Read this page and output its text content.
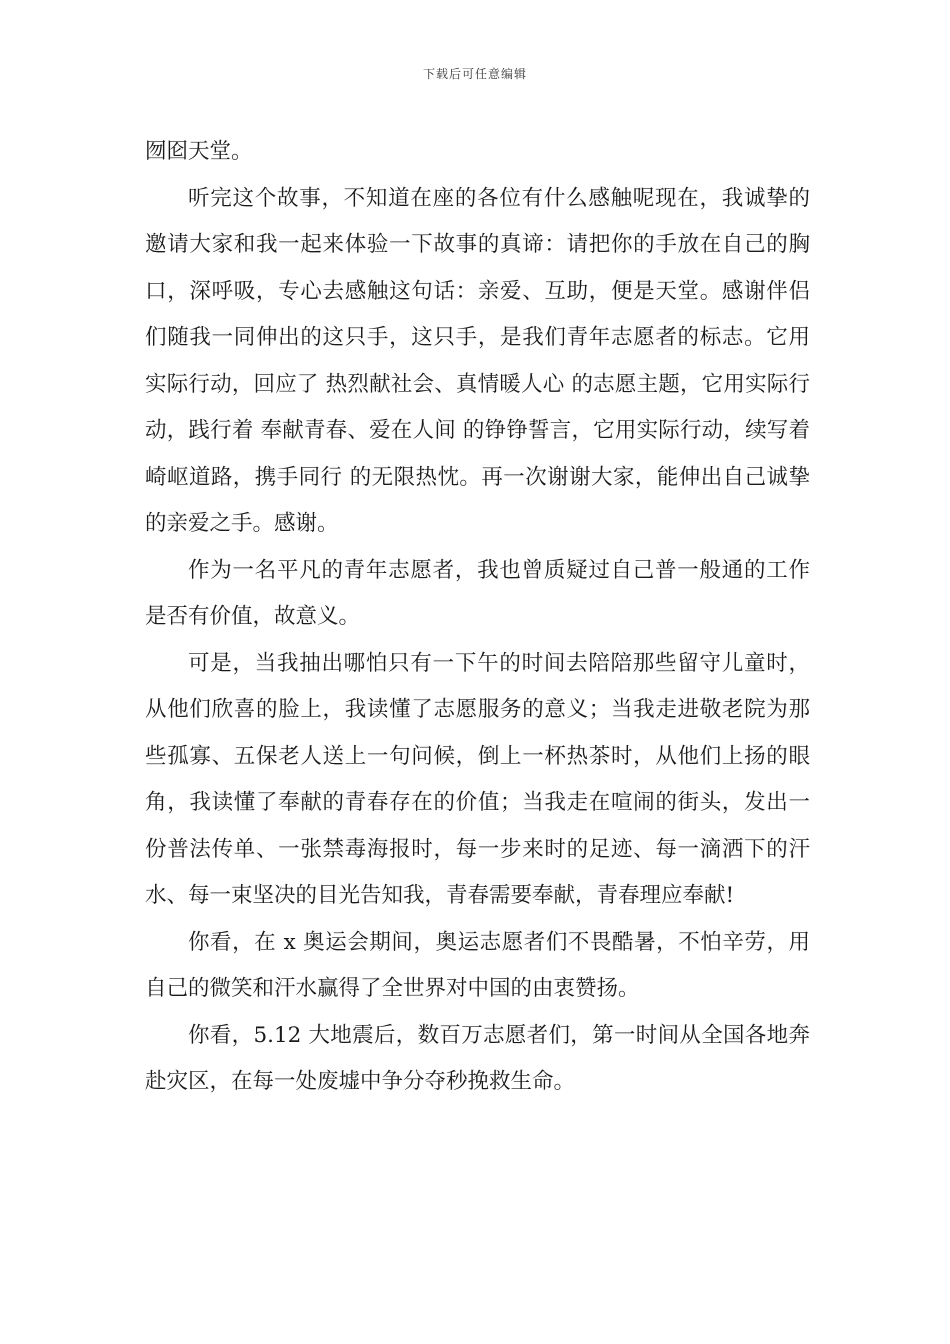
下载后可任意编辑

囫囵天堂。

听完这个故事，不知道在座的各位有什么感触呢现在，我诚挚的邀请大家和我一起来体验一下故事的真谛：请把你的手放在自己的胸口，深呼吸，专心去感触这句话：亲爱、互助，便是天堂。感谢伴侣们随我一同伸出的这只手，这只手，是我们青年志愿者的标志。它用实际行动，回应了 热烈献社会、真情暖人心 的志愿主题，它用实际行动，践行着 奉献青春、爱在人间 的铮铮誓言，它用实际行动，续写着 崎岖道路，携手同行 的无限热忱。再一次谢谢大家，能伸出自己诚挚的亲爱之手。感谢。

作为一名平凡的青年志愿者，我也曾质疑过自己普一般通的工作是否有价值，故意义。

可是，当我抽出哪怕只有一下午的时间去陪陪那些留守儿童时，从他们欣喜的脸上，我读懂了志愿服务的意义；当我走进敬老院为那些孤寡、五保老人送上一句问候，倒上一杯热茶时，从他们上扬的眼角，我读懂了奉献的青春存在的价值；当我走在喧闹的街头，发出一份普法传单、一张禁毒海报时，每一步来时的足迹、每一滴洒下的汗水、每一束坚决的目光告知我，青春需要奉献，青春理应奉献!

你看，在 x 奥运会期间，奥运志愿者们不畏酷暑，不怕辛劳，用自己的微笑和汗水赢得了全世界对中国的由衷赞扬。

你看，5.12 大地震后，数百万志愿者们，第一时间从全国各地奔赴灾区，在每一处废墟中争分夺秒挽救生命。
